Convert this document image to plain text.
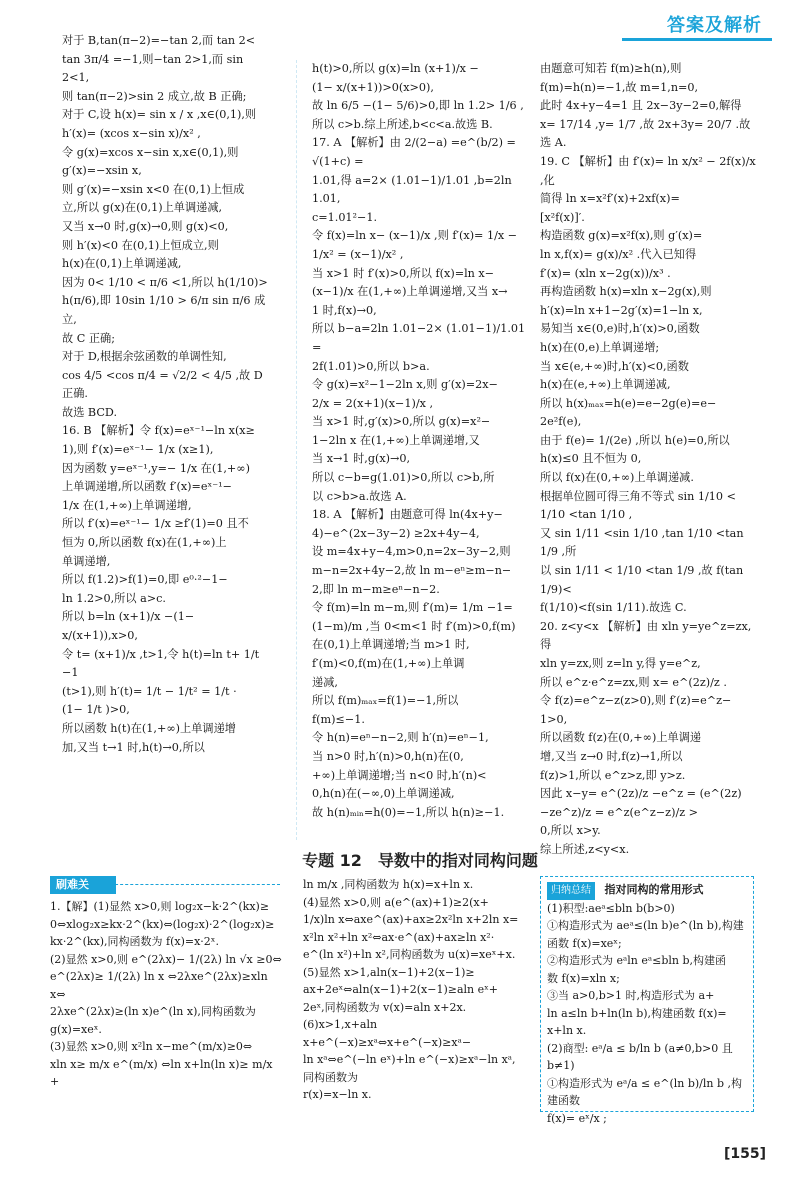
答案及解析

对于 B,tan(π−2)=−tan 2,而 tan 2<

tan 3π/4 =−1,则−tan 2>1,而 sin 2<1,

则 tan(π−2)>sin 2 成立,故 B 正确;

对于 C,设 h(x)= sin x / x ,x∈(0,1),则

h′(x)= (xcos x−sin x)/x² ,

令 g(x)=xcos x−sin x,x∈(0,1),则

g′(x)=−xsin x,

则 g′(x)=−xsin x<0 在(0,1)上恒成

立,所以 g(x)在(0,1)上单调递减,

又当 x→0 时,g(x)→0,则 g(x)<0,

则 h′(x)<0 在(0,1)上恒成立,则

h(x)在(0,1)上单调递减,

因为 0< 1/10 < π/6 <1,所以 h(1/10)>

h(π/6),即 10sin 1/10 > 6/π sin π/6 成立,

故 C 正确;

对于 D,根据余弦函数的单调性知,

cos 4/5 <cos π/4 = √2/2 < 4/5 ,故 D 正确.

故选 BCD.

16. B 【解析】令 f(x)=eˣ⁻¹−ln x(x≥

1),则 f′(x)=eˣ⁻¹− 1/x (x≥1),

因为函数 y=eˣ⁻¹,y=− 1/x 在(1,+∞)

上单调递增,所以函数 f′(x)=eˣ⁻¹−

1/x 在(1,+∞)上单调递增,

所以 f′(x)=eˣ⁻¹− 1/x ≥f′(1)=0 且不

恒为 0,所以函数 f(x)在(1,+∞)上

单调递增,

所以 f(1.2)>f(1)=0,即 e⁰·²−1−

ln 1.2>0,所以 a>c.

所以 b=ln (x+1)/x −(1− x/(x+1)),x>0,

令 t= (x+1)/x ,t>1,令 h(t)=ln t+ 1/t −1

(t>1),则 h′(t)= 1/t − 1/t² = 1/t ·

(1− 1/t )>0,

所以函数 h(t)在(1,+∞)上单调递增

加,又当 t→1 时,h(t)→0,所以

h(t)>0,所以 g(x)=ln (x+1)/x −

(1− x/(x+1))>0(x>0),

故 ln 6/5 −(1− 5/6)>0,即 ln 1.2> 1/6 ,

所以 c>b.综上所述,b<c<a.故选 B.

17. A 【解析】由 2/(2−a) =e^(b/2) = √(1+c) =

1.01,得 a=2× (1.01−1)/1.01 ,b=2ln 1.01,

c=1.01²−1.

令 f(x)=ln x− (x−1)/x ,则 f′(x)= 1/x −

1/x² = (x−1)/x² ,

当 x>1 时 f′(x)>0,所以 f(x)=ln x−

(x−1)/x 在(1,+∞)上单调递增,又当 x→

1 时,f(x)→0,

所以 b−a=2ln 1.01−2× (1.01−1)/1.01 =

2f(1.01)>0,所以 b>a.

令 g(x)=x²−1−2ln x,则 g′(x)=2x−

2/x = 2(x+1)(x−1)/x ,

当 x>1 时,g′(x)>0,所以 g(x)=x²−

1−2ln x 在(1,+∞)上单调递增,又

当 x→1 时,g(x)→0,

所以 c−b=g(1.01)>0,所以 c>b,所

以 c>b>a.故选 A.

18. A 【解析】由题意可得 ln(4x+y−

4)−e^(2x−3y−2) ≥2x+4y−4,

设 m=4x+y−4,m>0,n=2x−3y−2,则

m−n=2x+4y−2,故 ln m−eⁿ≥m−n−

2,即 ln m−m≥eⁿ−n−2.

令 f(m)=ln m−m,则 f′(m)= 1/m −1=

(1−m)/m ,当 0<m<1 时 f′(m)>0,f(m)

在(0,1)上单调递增;当 m>1 时,

f′(m)<0,f(m)在(1,+∞)上单调

递减,

所以 f(m)ₘₐₓ=f(1)=−1,所以

f(m)≤−1.

令 h(n)=eⁿ−n−2,则 h′(n)=eⁿ−1,

当 n>0 时,h′(n)>0,h(n)在(0,

+∞)上单调递增;当 n<0 时,h′(n)<

0,h(n)在(−∞,0)上单调递减,

故 h(n)ₘᵢₙ=h(0)=−1,所以 h(n)≥−1.

由题意可知若 f(m)≥h(n),则

f(m)=h(n)=−1,故 m=1,n=0,

此时 4x+y−4=1 且 2x−3y−2=0,解得

x= 17/14 ,y= 1/7 ,故 2x+3y= 20/7 .故选 A.

19. C 【解析】由 f′(x)= ln x/x² − 2f(x)/x ,化

简得 ln x=x²f′(x)+2xf(x)=

[x²f(x)]′.

构造函数 g(x)=x²f(x),则 g′(x)=

ln x,f(x)= g(x)/x² .代入已知得

f′(x)= (xln x−2g(x))/x³ .

再构造函数 h(x)=xln x−2g(x),则

h′(x)=ln x+1−2g′(x)=1−ln x,

易知当 x∈(0,e)时,h′(x)>0,函数

h(x)在(0,e)上单调递增;

当 x∈(e,+∞)时,h′(x)<0,函数

h(x)在(e,+∞)上单调递减,

所以 h(x)ₘₐₓ=h(e)=e−2g(e)=e−

2e²f(e),

由于 f(e)= 1/(2e) ,所以 h(e)=0,所以

h(x)≤0 且不恒为 0,

所以 f(x)在(0,+∞)上单调递减.

根据单位圆可得三角不等式 sin 1/10 <

1/10 <tan 1/10 ,

又 sin 1/11 <sin 1/10 ,tan 1/10 <tan 1/9 ,所

以 sin 1/11 < 1/10 <tan 1/9 ,故 f(tan 1/9)<

f(1/10)<f(sin 1/11).故选 C.

20. z<y<x 【解析】由 xln y=ye^z=zx,得

xln y=zx,则 z=ln y,得 y=e^z,

所以 e^z·e^z=zx,则 x= e^(2z)/z .

令 f(z)=e^z−z(z>0),则 f′(z)=e^z−

1>0,

所以函数 f(z)在(0,+∞)上单调递

增,又当 z→0 时,f(z)→1,所以

f(z)>1,所以 e^z>z,即 y>z.

因此 x−y= e^(2z)/z −e^z = (e^(2z)−ze^z)/z = e^z(e^z−z)/z >

0,所以 x>y.

综上所述,z<y<x.

专题 12　导数中的指对同构问题
刷难关

1.【解】(1)显然 x>0,则 log₂x−k·2^(kx)≥

0⇔xlog₂x≥kx·2^(kx)⇔(log₂x)·2^(log₂x)≥

kx·2^(kx),同构函数为 f(x)=x·2ˣ.

(2)显然 x>0,则 e^(2λx)− 1/(2λ) ln √x ≥0⇔

e^(2λx)≥ 1/(2λ) ln x ⇔2λxe^(2λx)≥xln x⇔

2λxe^(2λx)≥(ln x)e^(ln x),同构函数为

g(x)=xeˣ.

(3)显然 x>0,则 x²ln x−me^(m/x)≥0⇔

xln x≥ m/x e^(m/x) ⇔ln x+ln(ln x)≥ m/x +

ln m/x ,同构函数为 h(x)=x+ln x.

(4)显然 x>0,则 a(e^(ax)+1)≥2(x+

1/x)ln x⇔axe^(ax)+ax≥2x²ln x+2ln x=

x²ln x²+ln x²⇔ax·e^(ax)+ax≥ln x²·

e^(ln x²)+ln x²,同构函数为 u(x)=xeˣ+x.

(5)显然 x>1,aln(x−1)+2(x−1)≥

ax+2eˣ⇔aln(x−1)+2(x−1)≥aln eˣ+

2eˣ,同构函数为 v(x)=aln x+2x.

(6)x>1,x+aln x+e^(−x)≥xᵃ⇔x+e^(−x)≥xᵃ−

ln xᵃ⇔e^(−ln eˣ)+ln e^(−x)≥xᵃ−ln xᵃ,同构函数为

r(x)=x−ln x.

归纳总结 指对同构的常用形式

(1)积型:aeᵃ≤bln b(b>0)

①构造形式为 aeᵃ≤(ln b)e^(ln b),构建

函数 f(x)=xeˣ;

②构造形式为 eᵃln eᵃ≤bln b,构建函

数 f(x)=xln x;

③当 a>0,b>1 时,构造形式为 a+

ln a≤ln b+ln(ln b),构建函数 f(x)=

x+ln x.

(2)商型: eᵃ/a ≤ b/ln b (a≠0,b>0 且 b≠1)

①构造形式为 eᵃ/a ≤ e^(ln b)/ln b ,构建函数

f(x)= eˣ/x ;

[155]
